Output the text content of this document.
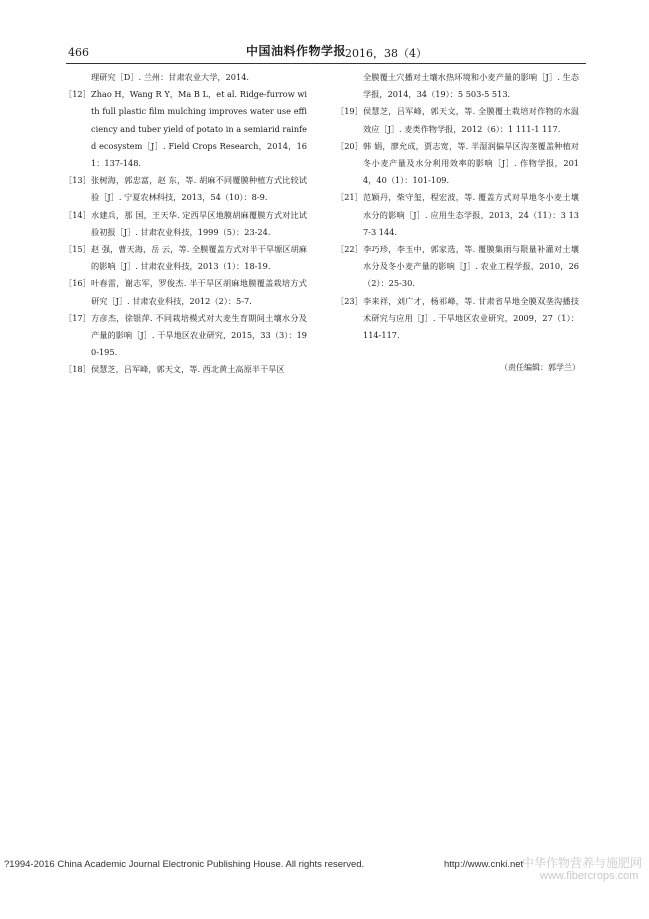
466	中国油料作物学报
2016，38（4）
理研究［D］. 兰州：甘肃农业大学，2014.
［12］ Zhao H，Wang R Y，Ma B L，et al. Ridge-furrow with full plastic film mulching improves water use efficiency and tuber yield of potato in a semiarid rainfed ecosystem［J］. Field Crops Research，2014，161：137-148.
［13］ 张树海，郭忠富，赵 东，等. 胡麻不同覆膜种植方式比较试验［J］. 宁夏农林科技，2013，54（10）：8-9.
［14］ 水建兵，那 国，王天华. 定西旱区地膜胡麻覆膜方式对比试验初报［J］. 甘肃农业科技，1999（5）：23-24.
［15］ 赵 强，曹天海，岳 云，等. 全膜覆盖方式对半干旱塬区胡麻的影响［J］. 甘肃农业科技，2013（1）：18-19.
［16］ 叶春雷，谢志军，罗俊杰. 半干旱区胡麻地膜覆盖栽培方式研究［J］. 甘肃农业科技，2012（2）：5-7.
［17］ 方彦杰，徐银萍. 不同栽培模式对大麦生育期间土壤水分及产量的影响［J］. 干旱地区农业研究，2015，33（3）：190-195.
［18］ 侯慧芝，吕军峰，郭天文，等. 西北黄土高原半干旱区
全膜覆土穴播对土壤水热环境和小麦产量的影响［J］. 生态学报，2014，34（19）：5 503-5 513.
［19］ 侯慧芝，吕军峰，郭天文，等. 全膜覆土栽培对作物的水温效应［J］. 麦类作物学报，2012（6）：1 111-1 117.
［20］ 韩 娟，廖允成，贾志宽，等. 半湿润偏旱区沟垄覆盖种植对冬小麦产量及水分利用效率的影响［J］. 作物学报，2014，40（1）：101-109.
［21］ 范颖丹，柴守玺，程宏波，等. 覆盖方式对旱地冬小麦土壤水分的影响［J］. 应用生态学报，2013，24（11）：3 137-3 144.
［22］ 李巧珍，李玉中，郭家选，等. 覆膜集雨与限量补灌对土壤水分及冬小麦产量的影响［J］. 农业工程学报，2010，26（2）：25-30.
［23］ 李来祥，刘广才，杨祁峰，等. 甘肃省旱地全膜双垄沟播技术研究与应用［J］. 干旱地区农业研究，2009，27（1）：114-117.
（责任编辑：郭学兰）
?1994-2016 China Academic Journal Electronic Publishing House. All rights reserved.	http://www.cnki.net
中华作物营养与施肥网
www.fibercrops.com
